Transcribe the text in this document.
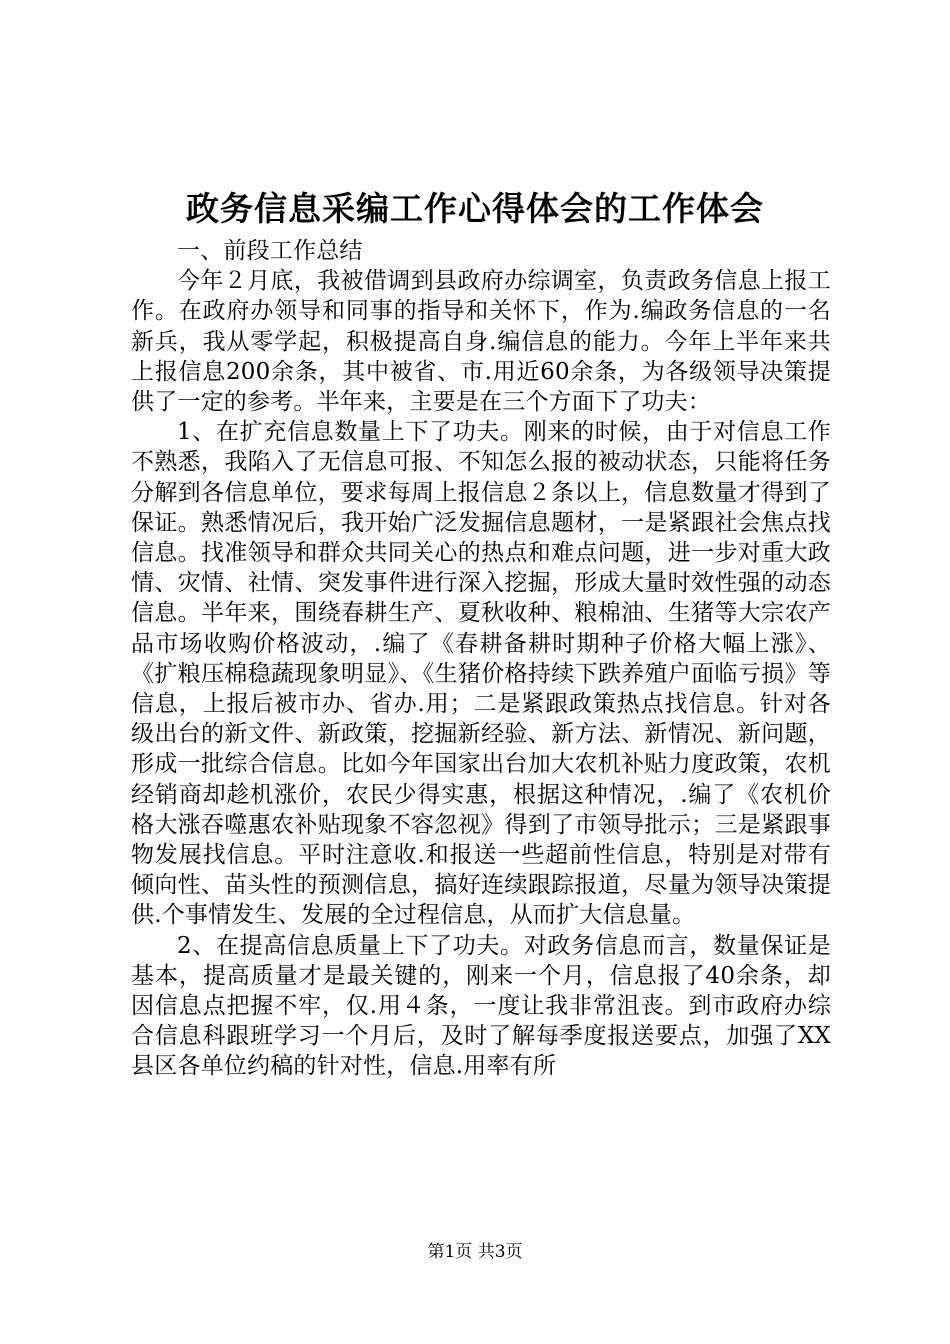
政务信息采编工作心得体会的工作体会

一、前段工作总结

今年２月底，我被借调到县政府办综调室，负责政务信息上报工作。在政府办领导和同事的指导和关怀下，作为.编政务信息的一名新兵，我从零学起，积极提高自身.编信息的能力。今年上半年来共上报信息200余条，其中被省、市.用近60余条，为各级领导决策提供了一定的参考。半年来，主要是在三个方面下了功夫：

1、在扩充信息数量上下了功夫。刚来的时候，由于对信息工作不熟悉，我陷入了无信息可报、不知怎么报的被动状态，只能将任务分解到各信息单位，要求每周上报信息２条以上，信息数量才得到了保证。熟悉情况后，我开始广泛发掘信息题材，一是紧跟社会焦点找信息。找准领导和群众共同关心的热点和难点问题，进一步对重大政情、灾情、社情、突发事件进行深入挖掘，形成大量时效性强的动态信息。半年来，围绕春耕生产、夏秋收种、粮棉油、生猪等大宗农产品市场收购价格波动，.编了《春耕备耕时期种子价格大幅上涨》、《扩粮压棉稳蔬现象明显》、《生猪价格持续下跌养殖户面临亏损》等信息，上报后被市办、省办.用；二是紧跟政策热点找信息。针对各级出台的新文件、新政策，挖掘新经验、新方法、新情况、新问题，形成一批综合信息。比如今年国家出台加大农机补贴力度政策，农机经销商却趁机涨价，农民少得实惠，根据这种情况，.编了《农机价格大涨吞噬惠农补贴现象不容忽视》得到了市领导批示；三是紧跟事物发展找信息。平时注意收.和报送一些超前性信息，特别是对带有倾向性、苗头性的预测信息，搞好连续跟踪报道，尽量为领导决策提供.个事情发生、发展的全过程信息，从而扩大信息量。

2、在提高信息质量上下了功夫。对政务信息而言，数量保证是基本，提高质量才是最关键的，刚来一个月，信息报了40余条，却因信息点把握不牢，仅.用４条，一度让我非常沮丧。到市政府办综合信息科跟班学习一个月后，及时了解每季度报送要点，加强了XX县区各单位约稿的针对性，信息.用率有所

第1页 共3页
